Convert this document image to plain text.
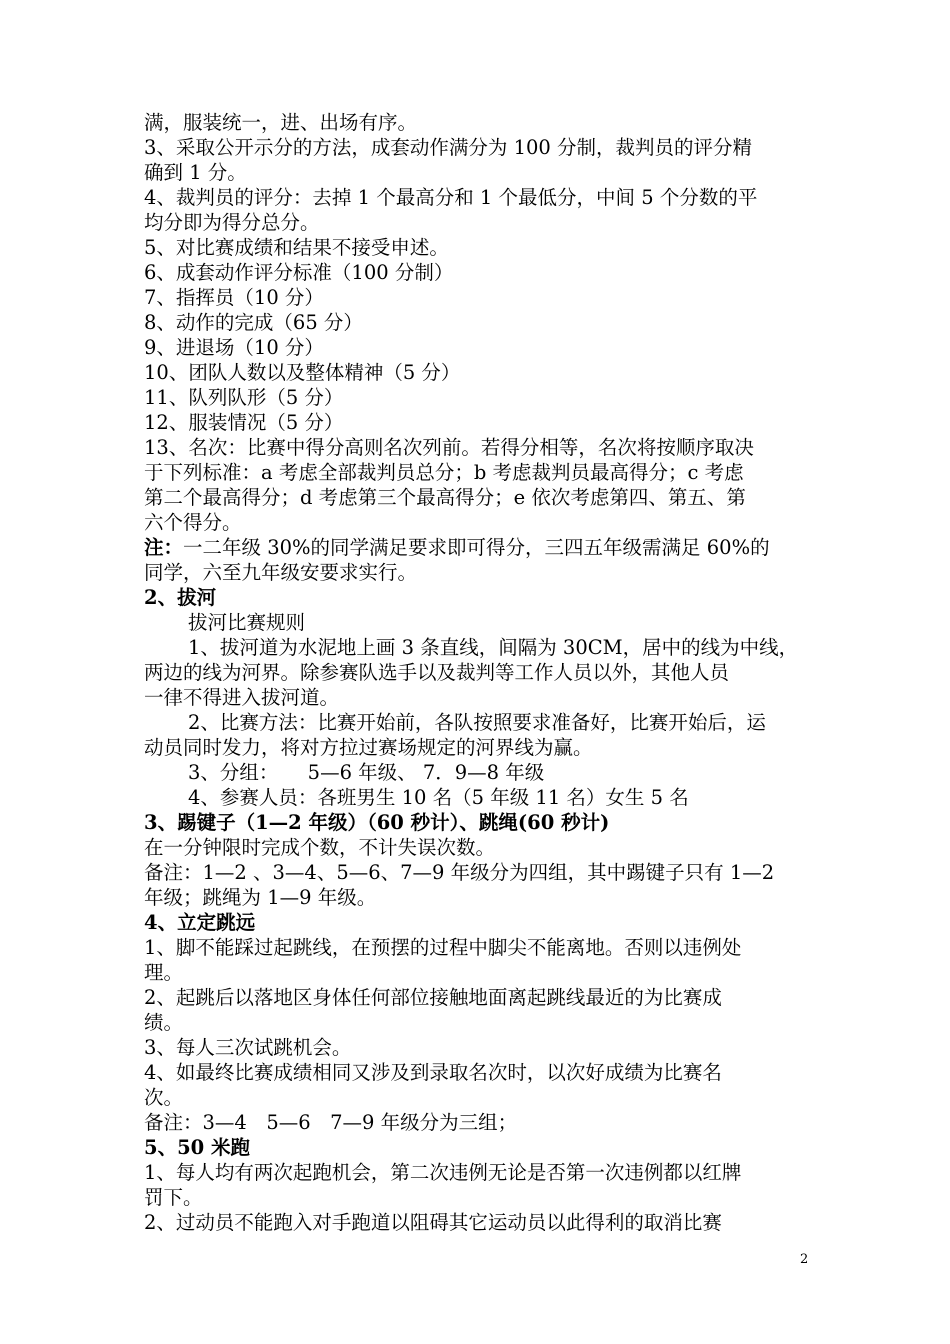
满，服装统一，进、出场有序。

3、采取公开示分的方法，成套动作满分为 100 分制，裁判员的评分精

确到 1 分。

4、裁判员的评分：去掉 1 个最高分和 1 个最低分，中间 5 个分数的平

均分即为得分总分。

5、对比赛成绩和结果不接受申述。

6、成套动作评分标准（100 分制）

7、指挥员（10 分）

8、动作的完成（65 分）

9、进退场（10 分）

10、团队人数以及整体精神（5 分）

11、队列队形（5 分）

12、服装情况（5 分）

13、名次：比赛中得分高则名次列前。若得分相等，名次将按顺序取决

于下列标准：a 考虑全部裁判员总分；b 考虑裁判员最高得分；c 考虑

第二个最高得分；d 考虑第三个最高得分；e 依次考虑第四、第五、第

六个得分。

注：一二年级 30%的同学满足要求即可得分，三四五年级需满足 60%的

同学，六至九年级安要求实行。

2、拔河

拔河比赛规则

1、拔河道为水泥地上画 3 条直线，间隔为 30CM，居中的线为中线，

两边的线为河界。除参赛队选手以及裁判等工作人员以外，其他人员

一律不得进入拔河道。

2、比赛方法：比赛开始前，各队按照要求准备好，比赛开始后，运

动员同时发力，将对方拉过赛场规定的河界线为赢。

3、分组：　　5—6 年级、 7．9—8 年级

4、参赛人员：各班男生 10 名（5 年级 11 名）女生 5 名

3、踢键子（1—2 年级）（60 秒计）、跳绳(60 秒计)

在一分钟限时完成个数，不计失误次数。

备注：1—2 、3—4、5—6、7—9 年级分为四组，其中踢键子只有 1—2

年级；跳绳为 1—9 年级。

4、立定跳远

1、脚不能踩过起跳线，在预摆的过程中脚尖不能离地。否则以违例处

理。

2、起跳后以落地区身体任何部位接触地面离起跳线最近的为比赛成

绩。

3、每人三次试跳机会。

4、如最终比赛成绩相同又涉及到录取名次时，以次好成绩为比赛名

次。

备注：3—4　5—6　7—9 年级分为三组；

5、50 米跑

1、每人均有两次起跑机会，第二次违例无论是否第一次违例都以红牌

罚下。

2、过动员不能跑入对手跑道以阻碍其它运动员以此得利的取消比赛

2
